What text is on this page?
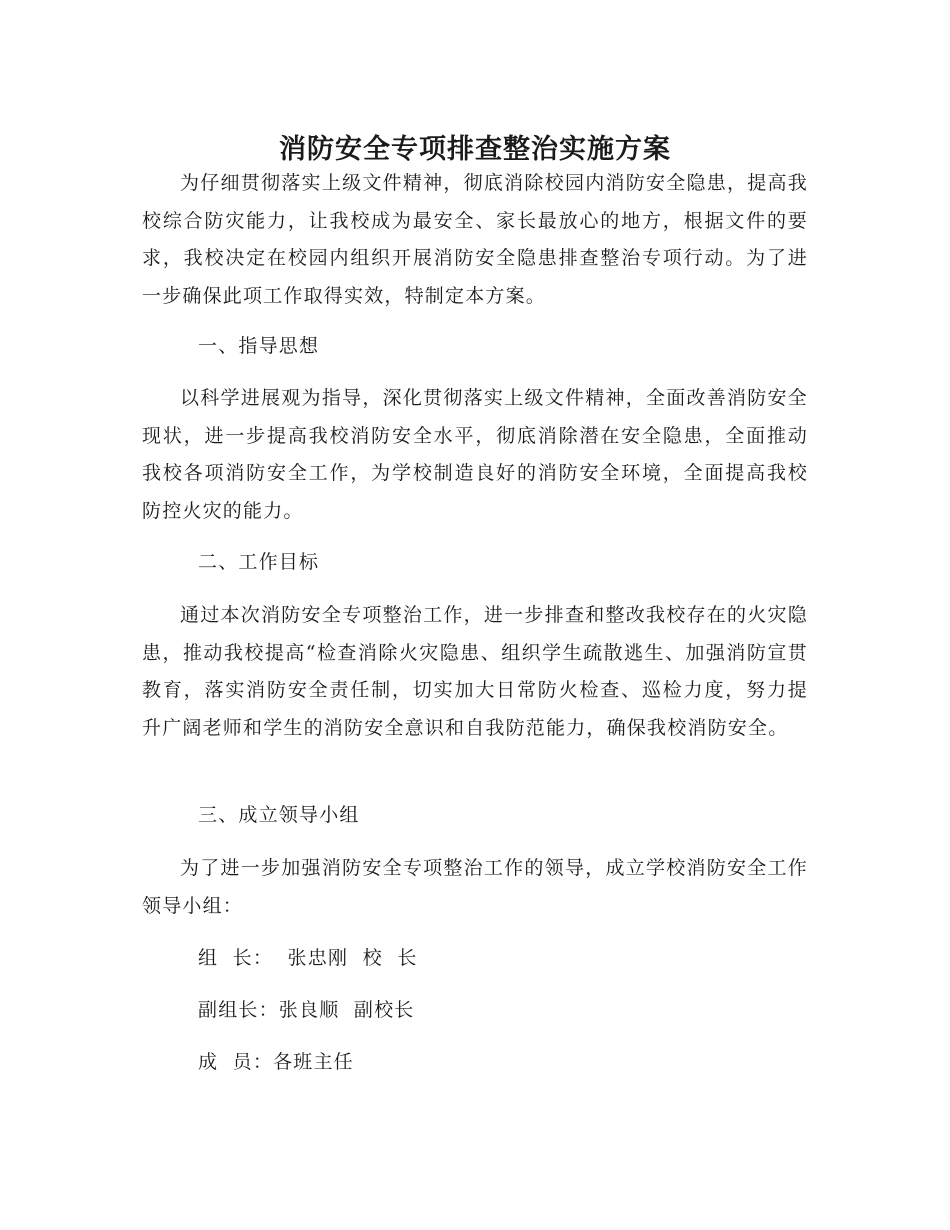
消防安全专项排查整治实施方案

为仔细贯彻落实上级文件精神，彻底消除校园内消防安全隐患，提高我校综合防灾能力，让我校成为最安全、家长最放心的地方，根据文件的要求，我校决定在校园内组织开展消防安全隐患排查整治专项行动。为了进一步确保此项工作取得实效，特制定本方案。

一、指导思想

以科学进展观为指导，深化贯彻落实上级文件精神，全面改善消防安全现状，进一步提高我校消防安全水平，彻底消除潜在安全隐患，全面推动我校各项消防安全工作，为学校制造良好的消防安全环境，全面提高我校防控火灾的能力。

二、工作目标

通过本次消防安全专项整治工作，进一步排查和整改我校存在的火灾隐患，推动我校提高“检查消除火灾隐患、组织学生疏散逃生、加强消防宣贯教育，落实消防安全责任制，切实加大日常防火检查、巡检力度，努力提升广阔老师和学生的消防安全意识和自我防范能力，确保我校消防安全。

三、成立领导小组

为了进一步加强消防安全专项整治工作的领导，成立学校消防安全工作领导小组：

组  长：  张忠刚  校  长

副组长：张良顺  副校长

成  员：各班主任
